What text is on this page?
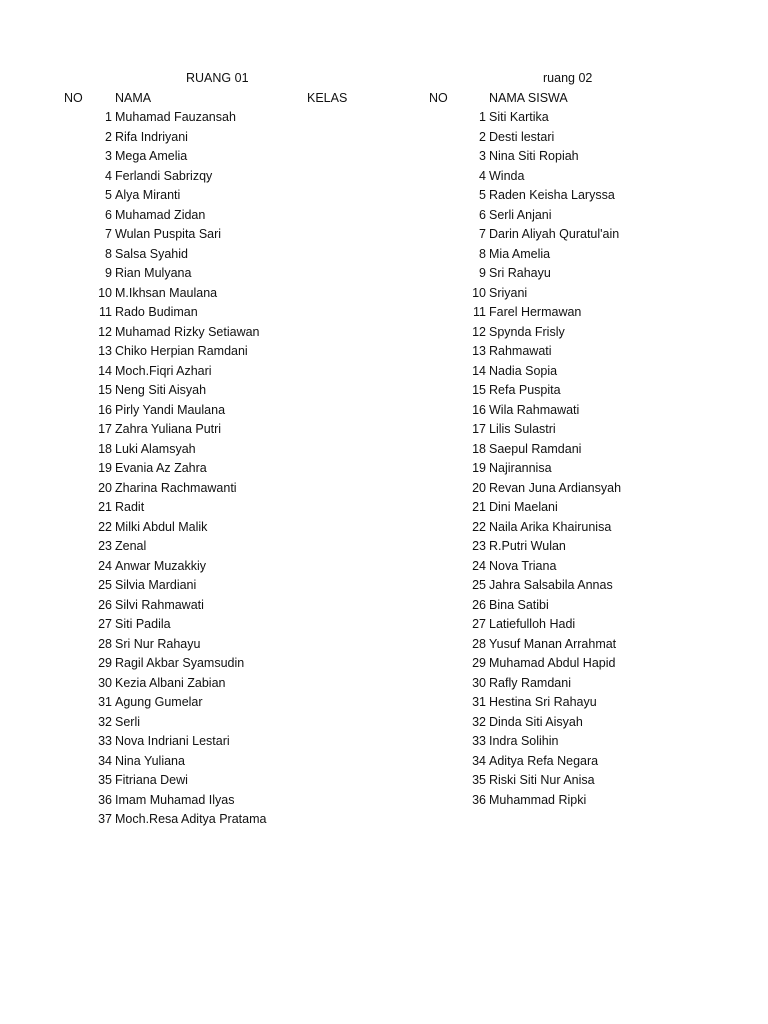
RUANG 01
NO	NAMA	KELAS
ruang 02
NO	NAMA SISWA
1 Muhamad Fauzansah
2 Rifa Indriyani
3 Mega Amelia
4 Ferlandi Sabrizqy
5 Alya Miranti
6 Muhamad Zidan
7 Wulan Puspita Sari
8 Salsa Syahid
9 Rian Mulyana
10 M.Ikhsan Maulana
11 Rado Budiman
12 Muhamad Rizky Setiawan
13 Chiko Herpian Ramdani
14 Moch.Fiqri Azhari
15 Neng Siti Aisyah
16 Pirly Yandi Maulana
17 Zahra Yuliana Putri
18 Luki Alamsyah
19 Evania Az Zahra
20 Zharina Rachmawanti
21 Radit
22 Milki Abdul Malik
23 Zenal
24 Anwar Muzakkiy
25 Silvia Mardiani
26 Silvi Rahmawati
27 Siti Padila
28 Sri Nur Rahayu
29 Ragil Akbar Syamsudin
30 Kezia Albani Zabian
31 Agung Gumelar
32 Serli
33 Nova Indriani Lestari
34 Nina Yuliana
35 Fitriana Dewi
36 Imam Muhamad Ilyas
37 Moch.Resa Aditya Pratama
1 Siti Kartika
2 Desti lestari
3 Nina Siti Ropiah
4 Winda
5 Raden Keisha Laryssa
6 Serli Anjani
7 Darin Aliyah Quratul'ain
8 Mia Amelia
9 Sri Rahayu
10 Sriyani
11 Farel Hermawan
12 Spynda Frisly
13 Rahmawati
14 Nadia Sopia
15 Refa Puspita
16 Wila Rahmawati
17 Lilis Sulastri
18 Saepul Ramdani
19 Najirannisa
20 Revan Juna Ardiansyah
21 Dini Maelani
22 Naila Arika Khairunisa
23 R.Putri Wulan
24 Nova Triana
25 Jahra Salsabila Annas
26 Bina Satibi
27 Latiefulloh Hadi
28 Yusuf Manan Arrahmat
29 Muhamad Abdul Hapid
30 Rafly Ramdani
31 Hestina Sri Rahayu
32 Dinda Siti Aisyah
33 Indra Solihin
34 Aditya Refa Negara
35 Riski Siti Nur Anisa
36 Muhammad Ripki
